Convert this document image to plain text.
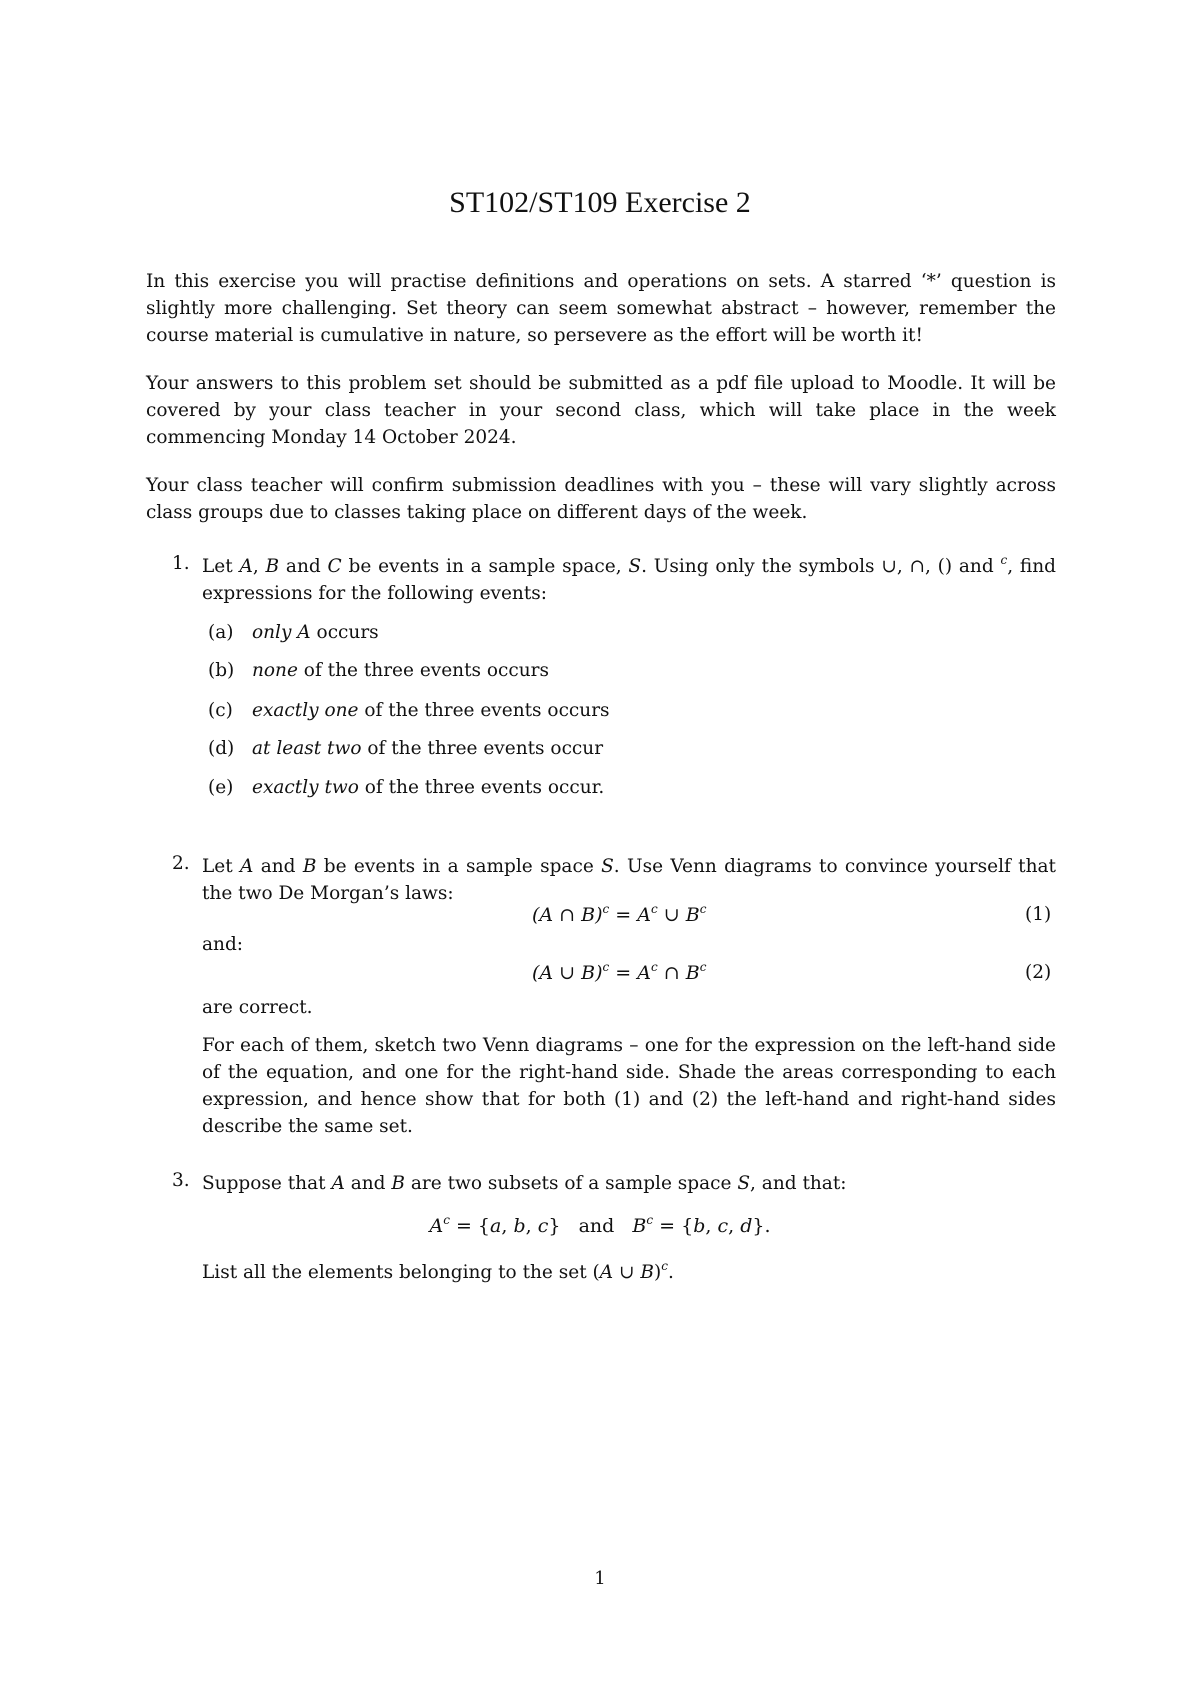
ST102/ST109 Exercise 2
In this exercise you will practise definitions and operations on sets. A starred ‘*’ question is slightly more challenging. Set theory can seem somewhat abstract – however, remember the course material is cumulative in nature, so persevere as the effort will be worth it!
Your answers to this problem set should be submitted as a pdf file upload to Moodle. It will be covered by your class teacher in your second class, which will take place in the week commencing Monday 14 October 2024.
Your class teacher will confirm submission deadlines with you – these will vary slightly across class groups due to classes taking place on different days of the week.
1. Let A, B and C be events in a sample space, S. Using only the symbols ∪, ∩, () and $^c$, find expressions for the following events:
(a) only A occurs
(b) none of the three events occurs
(c) exactly one of the three events occurs
(d) at least two of the three events occur
(e) exactly two of the three events occur.
2. Let A and B be events in a sample space S. Use Venn diagrams to convince yourself that the two De Morgan’s laws:
(A ∩ $B)^c = A^c$ ∪ $B^c$	(1)
and:
(A ∪ $B)^c = A^c$ ∩ $B^c$	(2)
are correct.
For each of them, sketch two Venn diagrams – one for the expression on the left-hand side of the equation, and one for the right-hand side. Shade the areas corresponding to each expression, and hence show that for both (1) and (2) the left-hand and right-hand sides describe the same set.
3. Suppose that A and B are two subsets of a sample space S, and that:
$A^c = \{a$, b, c}   and   $B^c = \{b$, c, d}.
List all the elements belonging to the set (A ∪ B)$^c$.
1
